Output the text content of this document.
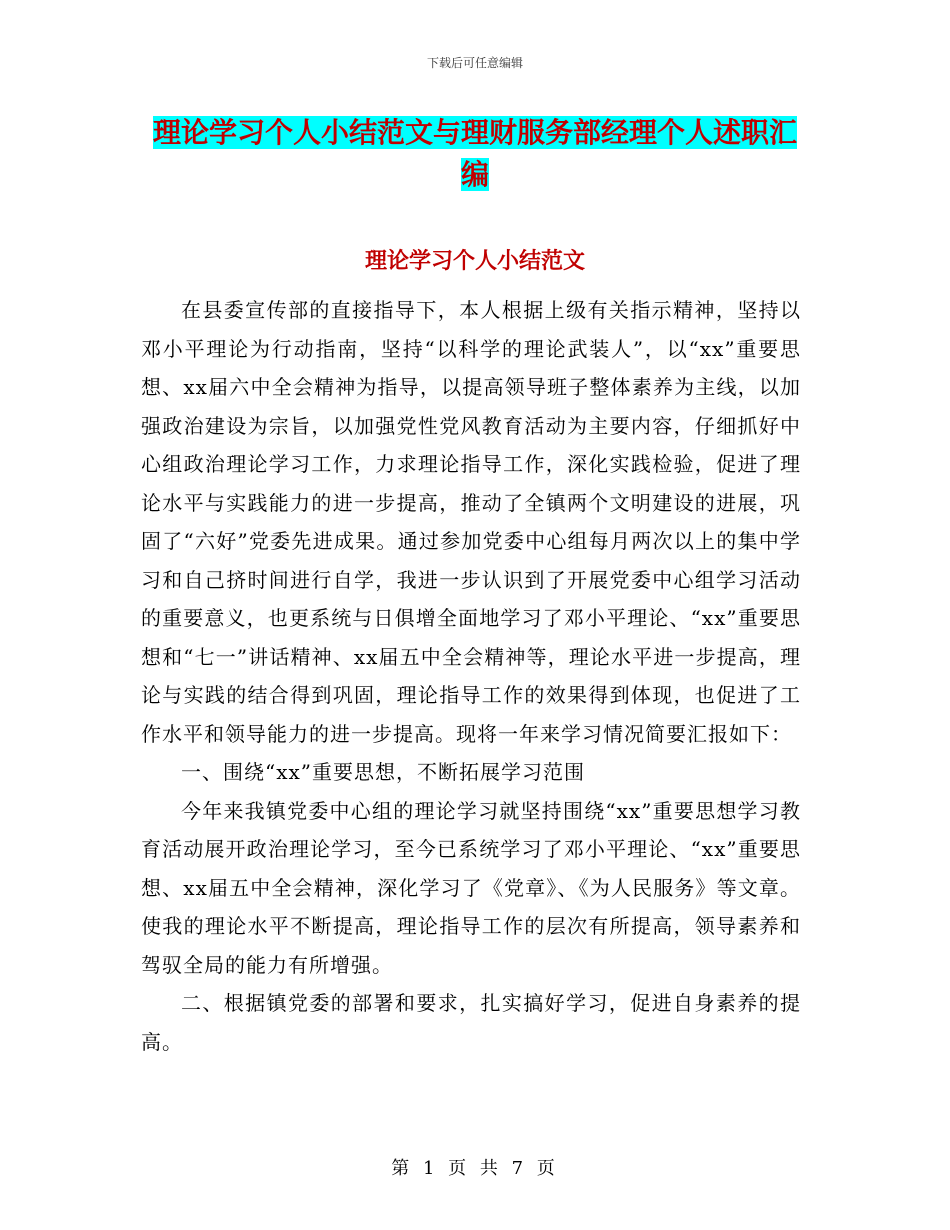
下载后可任意编辑
理论学习个人小结范文与理财服务部经理个人述职汇编
理论学习个人小结范文

在县委宣传部的直接指导下，本人根据上级有关指示精神，坚持以邓小平理论为行动指南，坚持“以科学的理论武装人”，以“xx”重要思想、xx届六中全会精神为指导，以提高领导班子整体素养为主线，以加强政治建设为宗旨，以加强党性党风教育活动为主要内容，仔细抓好中心组政治理论学习工作，力求理论指导工作，深化实践检验，促进了理论水平与实践能力的进一步提高，推动了全镇两个文明建设的进展，巩固了“六好”党委先进成果。通过参加党委中心组每月两次以上的集中学习和自己挤时间进行自学，我进一步认识到了开展党委中心组学习活动的重要意义，也更系统与日俱增全面地学习了邓小平理论、“xx”重要思想和“七一”讲话精神、xx届五中全会精神等，理论水平进一步提高，理论与实践的结合得到巩固，理论指导工作的效果得到体现，也促进了工作水平和领导能力的进一步提高。现将一年来学习情况简要汇报如下：

一、围绕“xx”重要思想，不断拓展学习范围

今年来我镇党委中心组的理论学习就坚持围绕“xx”重要思想学习教育活动展开政治理论学习，至今已系统学习了邓小平理论、“xx”重要思想、xx届五中全会精神，深化学习了《党章》、《为人民服务》等文章。使我的理论水平不断提高，理论指导工作的层次有所提高，领导素养和驾驭全局的能力有所增强。

二、根据镇党委的部署和要求，扎实搞好学习，促进自身素养的提高。

第 1 页 共 7 页
